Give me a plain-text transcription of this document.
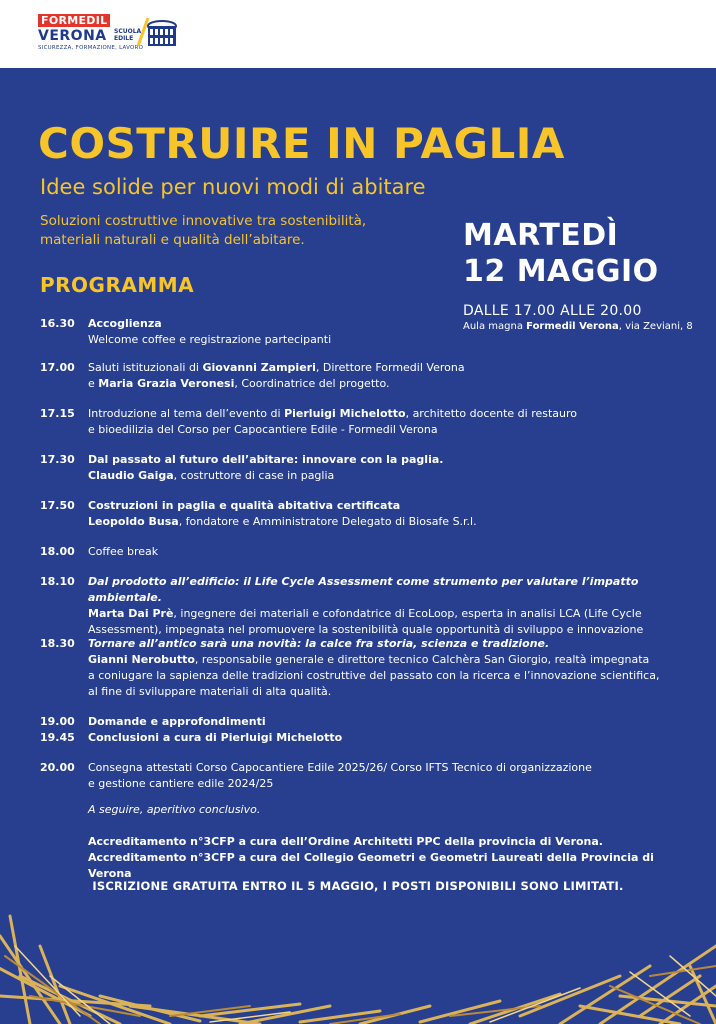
FORMEDIL
VERONA SCUOLA
EDILE
SICUREZZA, FORMAZIONE, LAVORO
COSTRUIRE IN PAGLIA
Idee solide per nuovi modi di abitare
Soluzioni costruttive innovative tra sostenibilità,
materiali naturali e qualità dell’abitare.
PROGRAMMA
MARTEDÌ
12 MAGGIO
DALLE 17.00 ALLE 20.00
Aula magna Formedil Verona, via Zeviani, 8
16.30	Accoglienza
Welcome coffee e registrazione partecipanti
17.00	Saluti istituzionali di Giovanni Zampieri, Direttore Formedil Verona
e Maria Grazia Veronesi, Coordinatrice del progetto.
17.15	Introduzione al tema dell’evento di Pierluigi Michelotto, architetto docente di restauro
e bioedilizia del Corso per Capocantiere Edile - Formedil Verona
17.30	Dal passato al futuro dell’abitare: innovare con la paglia.
Claudio Gaiga, costruttore di case in paglia
17.50	Costruzioni in paglia e qualità abitativa certificata
Leopoldo Busa, fondatore e Amministratore Delegato di Biosafe S.r.l.
18.00	Coffee break
18.10	Dal prodotto all’edificio: il Life Cycle Assessment come strumento per valutare l’impatto ambientale.
Marta Dai Prè, ingegnere dei materiali e cofondatrice di EcoLoop, esperta in analisi LCA (Life Cycle
Assessment), impegnata nel promuovere la sostenibilità quale opportunità di sviluppo e innovazione
18.30	Tornare all’antico sarà una novità: la calce fra storia, scienza e tradizione.
Gianni Nerobutto, responsabile generale e direttore tecnico Calchèra San Giorgio, realtà impegnata
a coniugare la sapienza delle tradizioni costruttive del passato con la ricerca e l’innovazione scientifica,
al fine di sviluppare materiali di alta qualità.
19.00	Domande e approfondimenti
19.45	Conclusioni a cura di Pierluigi Michelotto
20.00	Consegna attestati Corso Capocantiere Edile 2025/26/ Corso IFTS Tecnico di organizzazione
e gestione cantiere edile 2024/25
A seguire, aperitivo conclusivo.
Accreditamento n°3CFP a cura dell’Ordine Architetti PPC della provincia di Verona.
Accreditamento n°3CFP a cura del Collegio Geometri e Geometri Laureati della Provincia di Verona
ISCRIZIONE GRATUITA ENTRO IL 5 MAGGIO, I POSTI DISPONIBILI SONO LIMITATI.
